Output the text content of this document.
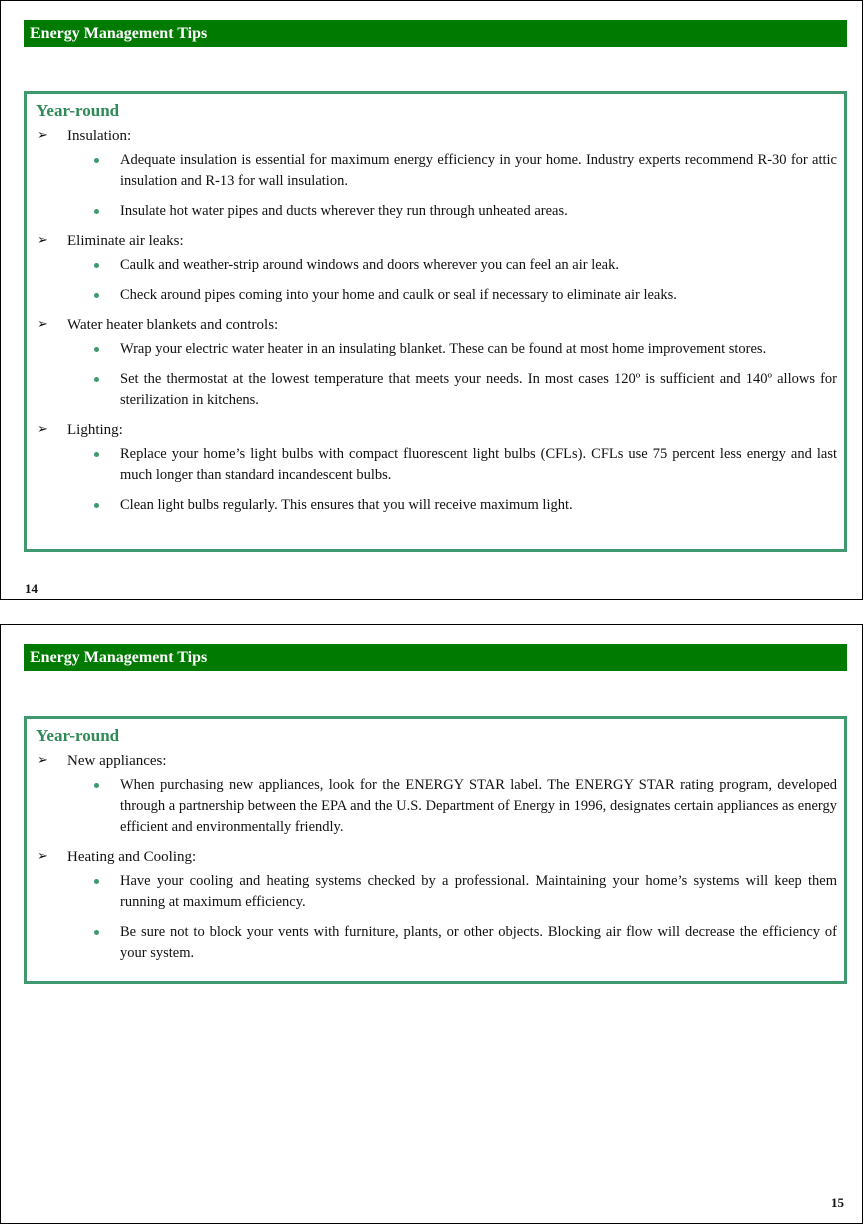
Energy Management Tips
Year-round
➢ Insulation:
Adequate insulation is essential for maximum energy efficiency in your home. Industry experts recommend R-30 for attic insulation and R-13 for wall insulation.
Insulate hot water pipes and ducts wherever they run through unheated areas.
➢ Eliminate air leaks:
Caulk and weather-strip around windows and doors wherever you can feel an air leak.
Check around pipes coming into your home and caulk or seal if necessary to eliminate air leaks.
➢ Water heater blankets and controls:
Wrap your electric water heater in an insulating blanket. These can be found at most home improvement stores.
Set the thermostat at the lowest temperature that meets your needs. In most cases 120º is sufficient and 140º allows for sterilization in kitchens.
➢ Lighting:
Replace your home’s light bulbs with compact fluorescent light bulbs (CFLs). CFLs use 75 percent less energy and last much longer than standard incandescent bulbs.
Clean light bulbs regularly. This ensures that you will receive maximum light.
14
Energy Management Tips
Year-round
➢ New appliances:
When purchasing new appliances, look for the ENERGY STAR label. The ENERGY STAR rating program, developed through a partnership between the EPA and the U.S. Department of Energy in 1996, designates certain appliances as energy efficient and environmentally friendly.
➢ Heating and Cooling:
Have your cooling and heating systems checked by a professional. Maintaining your home’s systems will keep them running at maximum efficiency.
Be sure not to block your vents with furniture, plants, or other objects. Blocking air flow will decrease the efficiency of your system.
15
